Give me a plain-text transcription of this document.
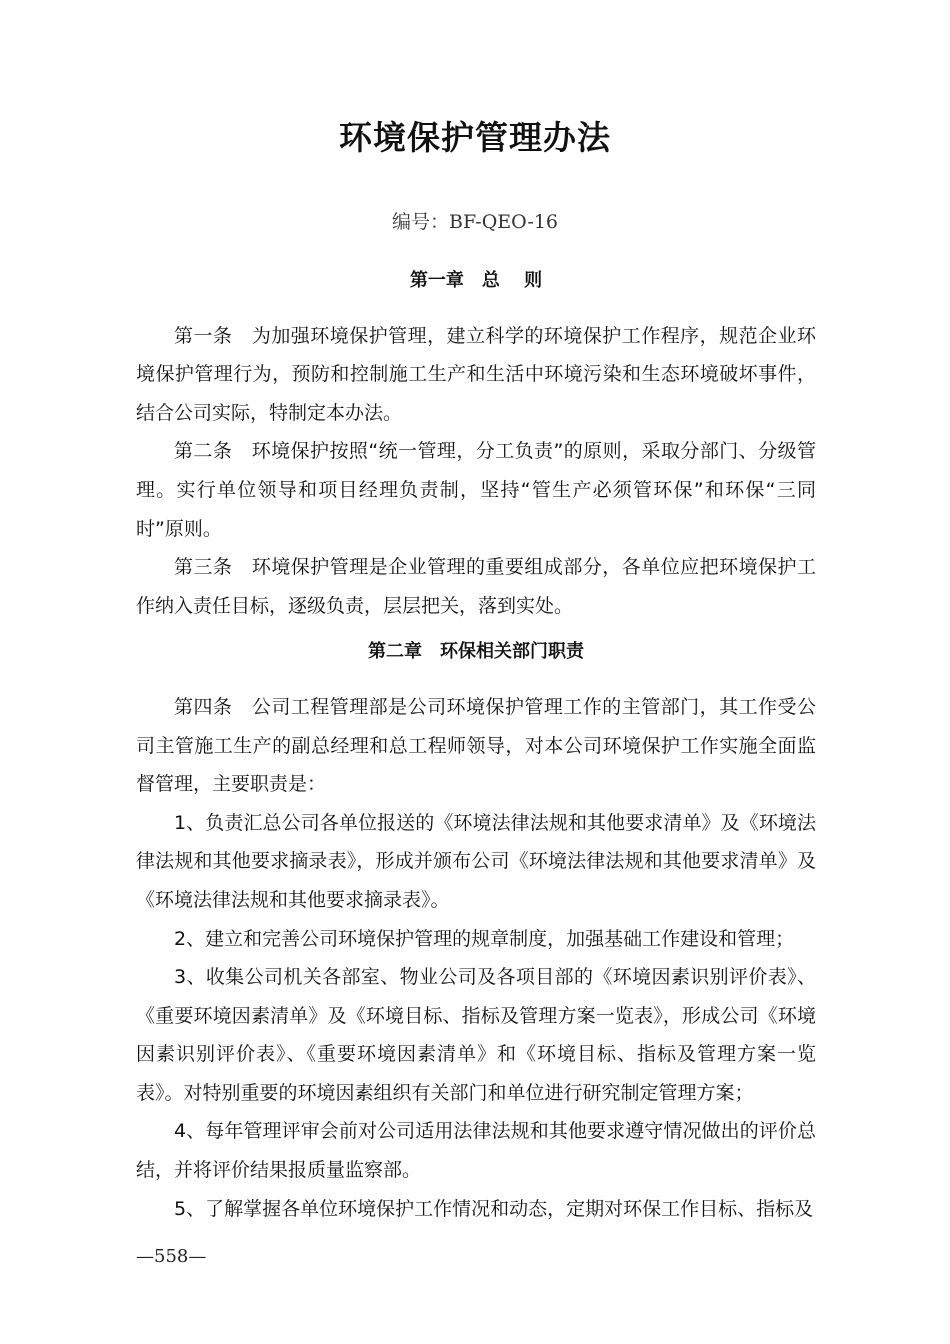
环境保护管理办法
编号：BF-QEO-16
第一章　总　 则

第一条　为加强环境保护管理，建立科学的环境保护工作程序，规范企业环境保护管理行为，预防和控制施工生产和生活中环境污染和生态环境破坏事件，结合公司实际，特制定本办法。

第二条　环境保护按照“统一管理，分工负责”的原则，采取分部门、分级管理。实行单位领导和项目经理负责制，坚持“管生产必须管环保”和环保“三同时”原则。

第三条　环境保护管理是企业管理的重要组成部分，各单位应把环境保护工作纳入责任目标，逐级负责，层层把关，落到实处。

第二章　环保相关部门职责

第四条　公司工程管理部是公司环境保护管理工作的主管部门，其工作受公司主管施工生产的副总经理和总工程师领导，对本公司环境保护工作实施全面监督管理，主要职责是：

1、负责汇总公司各单位报送的《环境法律法规和其他要求清单》及《环境法律法规和其他要求摘录表》，形成并颁布公司《环境法律法规和其他要求清单》及《环境法律法规和其他要求摘录表》。

2、建立和完善公司环境保护管理的规章制度，加强基础工作建设和管理；

3、收集公司机关各部室、物业公司及各项目部的《环境因素识别评价表》、《重要环境因素清单》及《环境目标、指标及管理方案一览表》，形成公司《环境因素识别评价表》、《重要环境因素清单》和《环境目标、指标及管理方案一览表》。对特别重要的环境因素组织有关部门和单位进行研究制定管理方案；

4、每年管理评审会前对公司适用法律法规和其他要求遵守情况做出的评价总结，并将评价结果报质量监察部。

5、了解掌握各单位环境保护工作情况和动态，定期对环保工作目标、指标及

—558—
